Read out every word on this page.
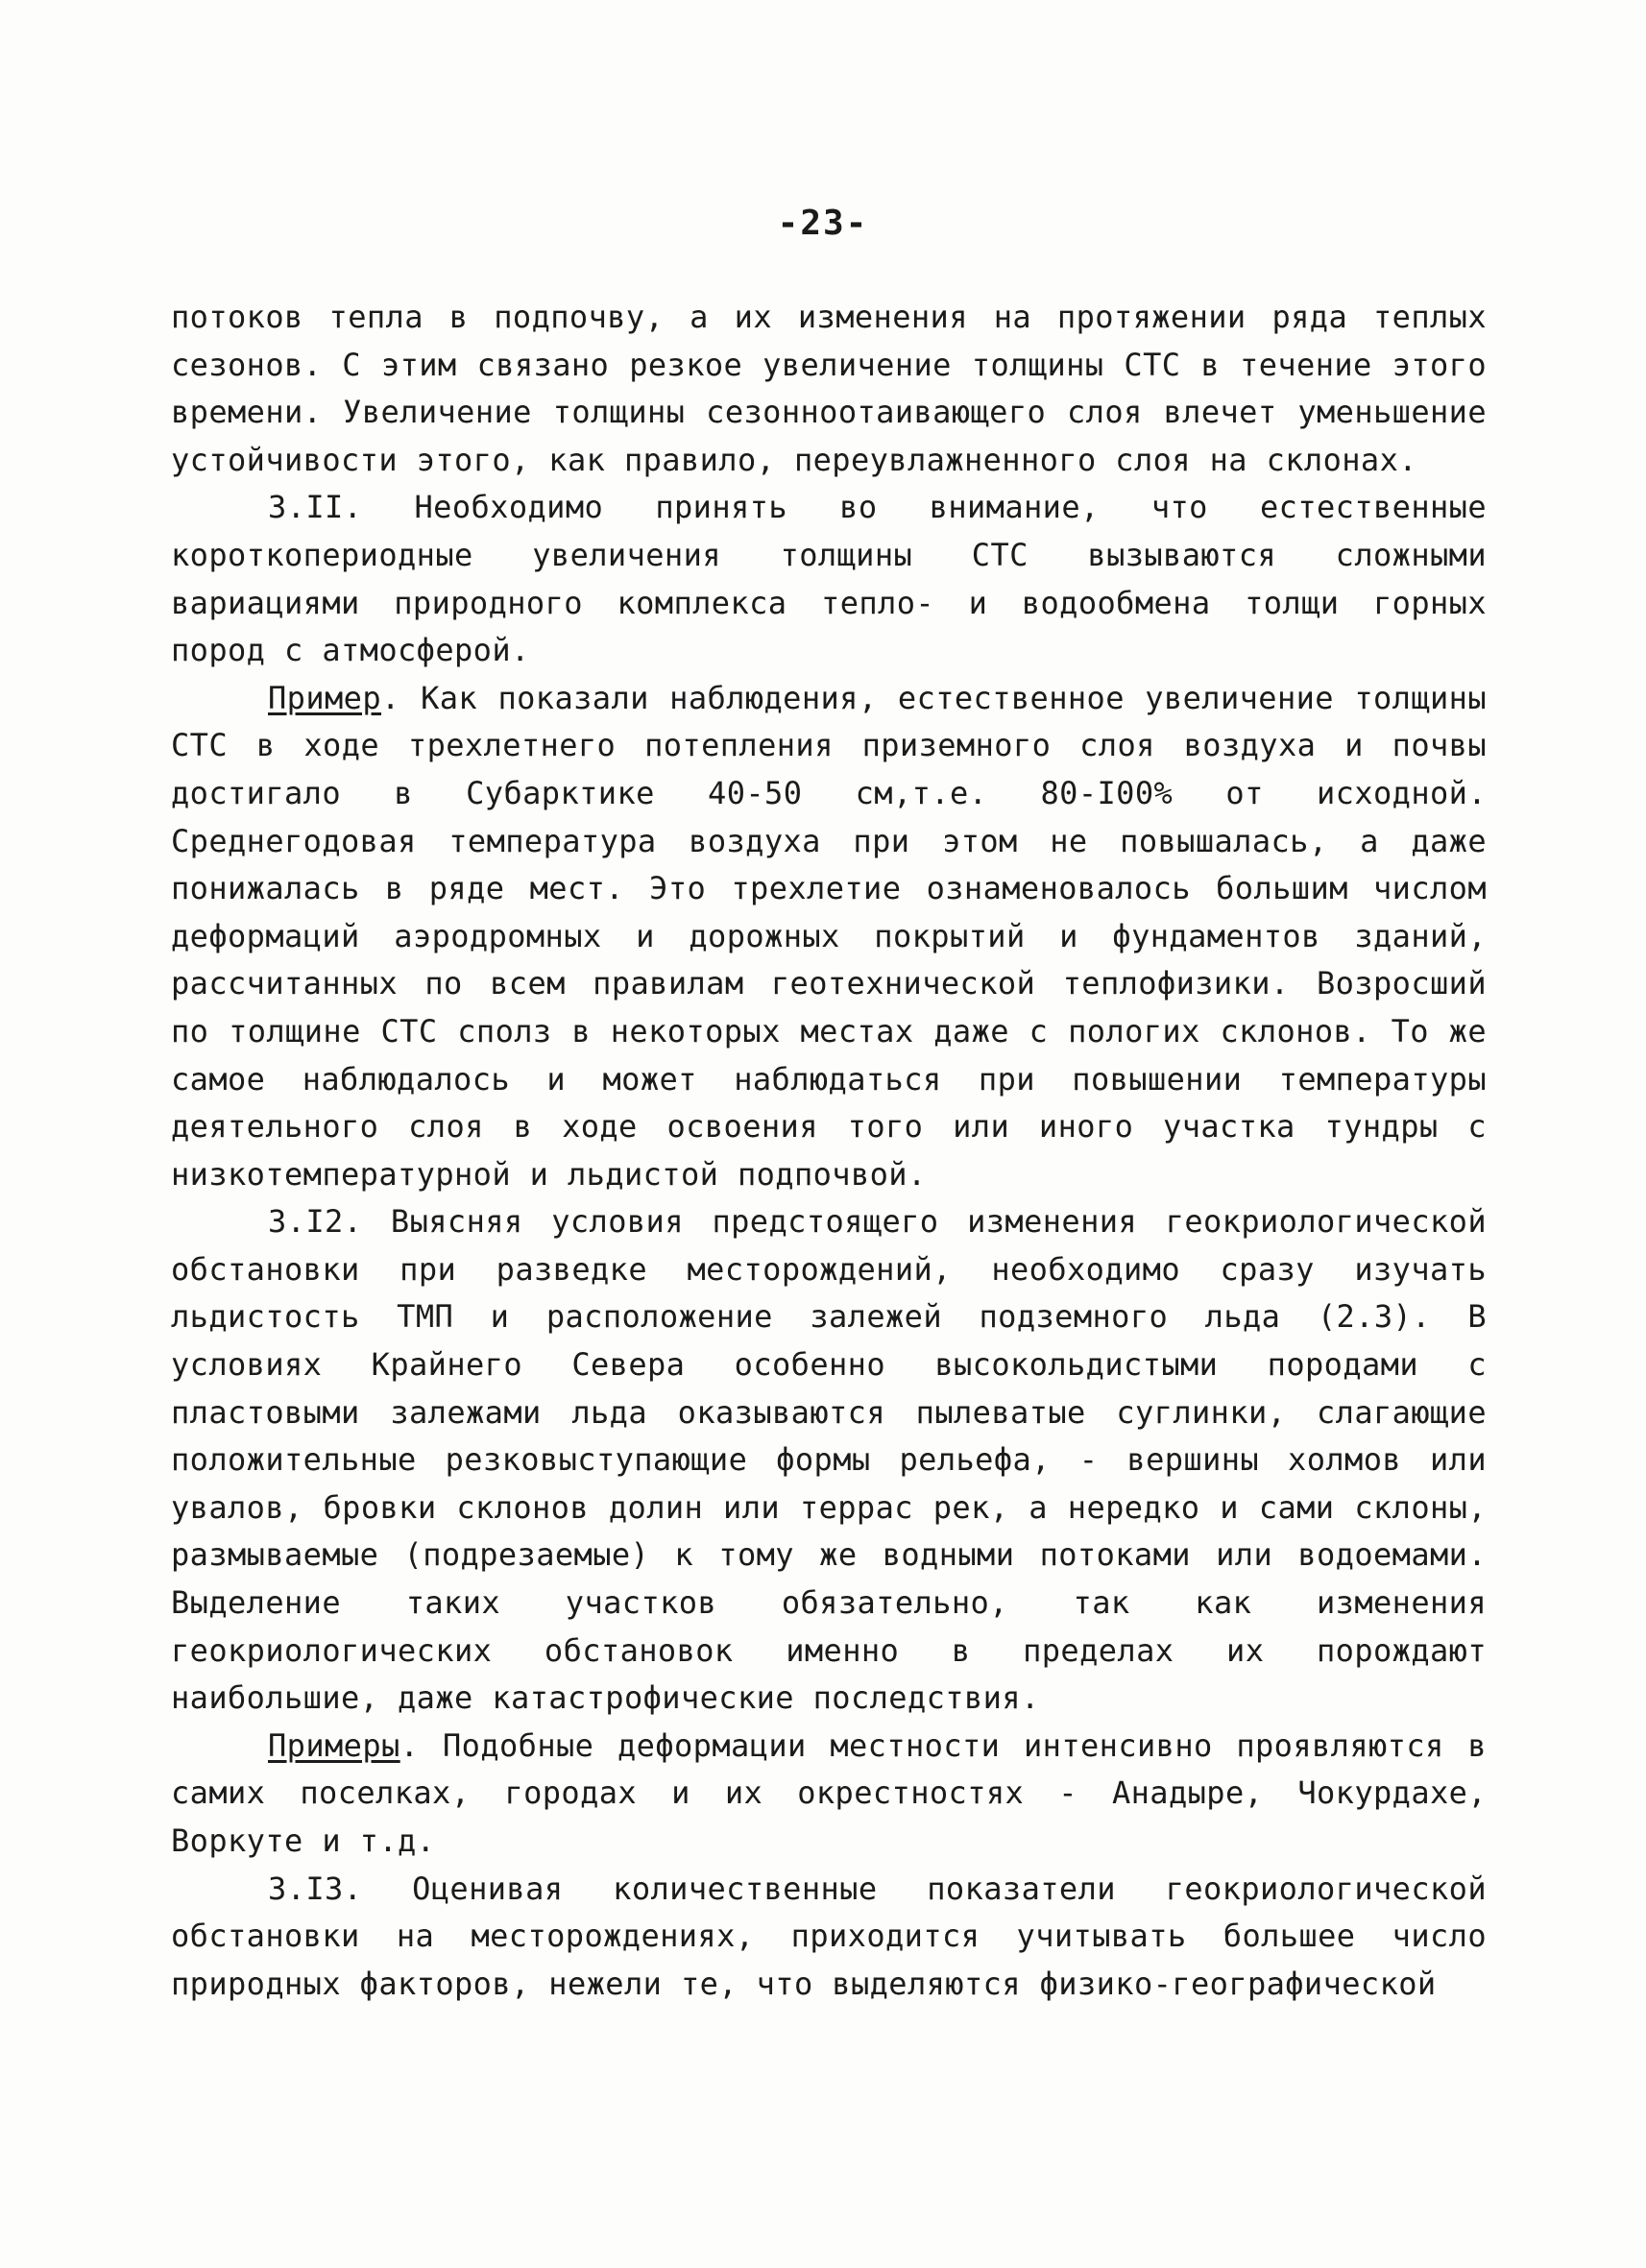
-23-

потоков тепла в подпочву, а их изменения на протяжении ряда теплых сезонов. С этим связано резкое увеличение толщины СТС в течение этого времени. Увеличение толщины сезонноотаивающего слоя влечет уменьшение устойчивости этого, как правило, переувлажненного слоя на склонах.

3.II. Необходимо принять во внимание, что естественные короткопериодные увеличения толщины СТС вызываются сложными вариациями природного комплекса тепло- и водообмена толщи горных пород с атмосферой.

Пример. Как показали наблюдения, естественное увеличение толщины СТС в ходе трехлетнего потепления приземного слоя воздуха и почвы достигало в Субарктике 40-50 см,т.е. 80-I00% от исходной. Среднегодовая температура воздуха при этом не повышалась, а даже понижалась в ряде мест. Это трехлетие ознаменовалось большим числом деформаций аэродромных и дорожных покрытий и фундаментов зданий, рассчитанных по всем правилам геотехнической теплофизики. Возросший по толщине СТС сполз в некоторых местах даже с пологих склонов. То же самое наблюдалось и может наблюдаться при повышении температуры деятельного слоя в ходе освоения того или иного участка тундры с низкотемпературной и льдистой подпочвой.

3.I2. Выясняя условия предстоящего изменения геокриологической обстановки при разведке месторождений, необходимо сразу изучать льдистость ТМП и расположение залежей подземного льда (2.3). В условиях Крайнего Севера особенно высокольдистыми породами с пластовыми залежами льда оказываются пылеватые суглинки, слагающие положительные резковыступающие формы рельефа, - вершины холмов или увалов, бровки склонов долин или террас рек, а нередко и сами склоны, размываемые (подрезаемые) к тому же водными потоками или водоемами. Выделение таких участков обязательно, так как изменения геокриологических обстановок именно в пределах их порождают наибольшие, даже катастрофические последствия.

Примеры. Подобные деформации местности интенсивно проявляются в самих поселках, городах и их окрестностях - Анадыре, Чокурдахе, Воркуте и т.д.

3.I3. Оценивая количественные показатели геокриологической обстановки на месторождениях, приходится учитывать большее число природных факторов, нежели те, что выделяются физико-географической
